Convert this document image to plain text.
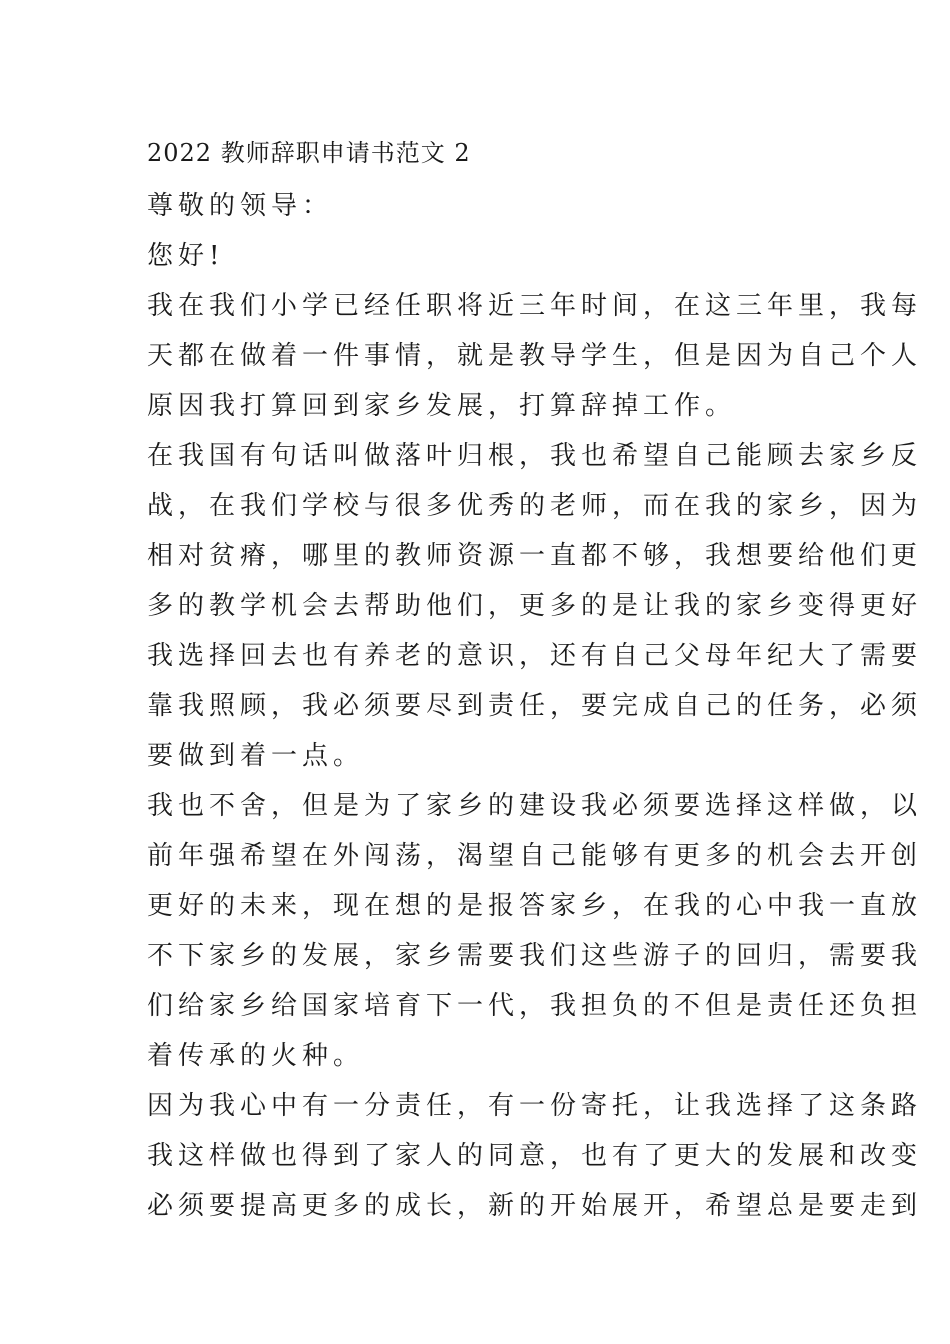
2022 教师辞职申请书范文 2
尊敬的领导：
您好!
我在我们小学已经任职将近三年时间，在这三年里，我每
天都在做着一件事情，就是教导学生，但是因为自己个人
原因我打算回到家乡发展，打算辞掉工作。
在我国有句话叫做落叶归根，我也希望自己能顾去家乡反
战，在我们学校与很多优秀的老师，而在我的家乡，因为
相对贫瘠，哪里的教师资源一直都不够，我想要给他们更
多的教学机会去帮助他们，更多的是让我的家乡变得更好
我选择回去也有养老的意识，还有自己父母年纪大了需要
靠我照顾，我必须要尽到责任，要完成自己的任务，必须
要做到着一点。
我也不舍，但是为了家乡的建设我必须要选择这样做，以
前年强希望在外闯荡，渴望自己能够有更多的机会去开创
更好的未来，现在想的是报答家乡，在我的心中我一直放
不下家乡的发展，家乡需要我们这些游子的回归，需要我
们给家乡给国家培育下一代，我担负的不但是责任还负担
着传承的火种。
因为我心中有一分责任，有一份寄托，让我选择了这条路
我这样做也得到了家人的同意，也有了更大的发展和改变
必须要提高更多的成长，新的开始展开，希望总是要走到
